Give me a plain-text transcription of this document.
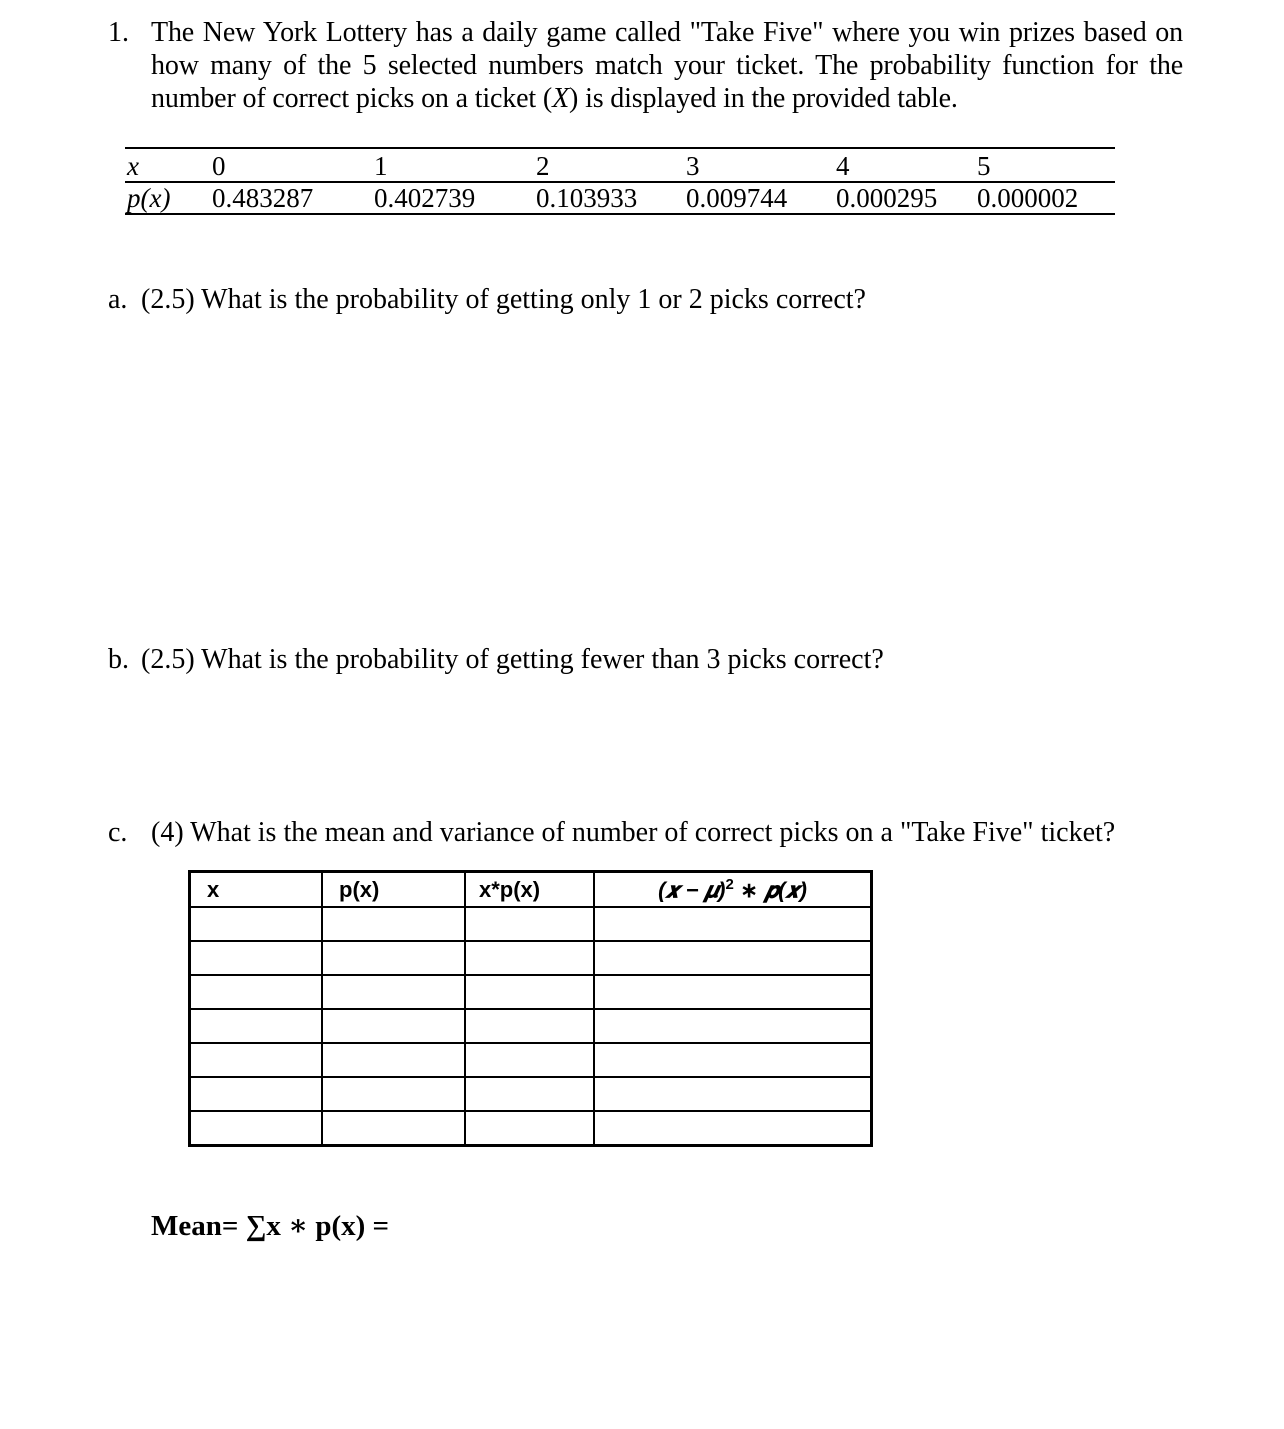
1. The New York Lottery has a daily game called "Take Five" where you win prizes based on how many of the 5 selected numbers match your ticket. The probability function for the number of correct picks on a ticket (X) is displayed in the provided table.
x	0	1	2	3	4	5
p(x) 0.483287 0.402739 0.103933 0.009744 0.000295 0.000002
a. (2.5) What is the probability of getting only 1 or 2 picks correct?
b. (2.5) What is the probability of getting fewer than 3 picks correct?
c. (4) What is the mean and variance of number of correct picks on a "Take Five" ticket?
x	p(x)	x*p(x)	(𝒙 − 𝝁)$^2$ ∗ 𝒑(𝒙)

Mean= ∑x ∗ p(x) =
